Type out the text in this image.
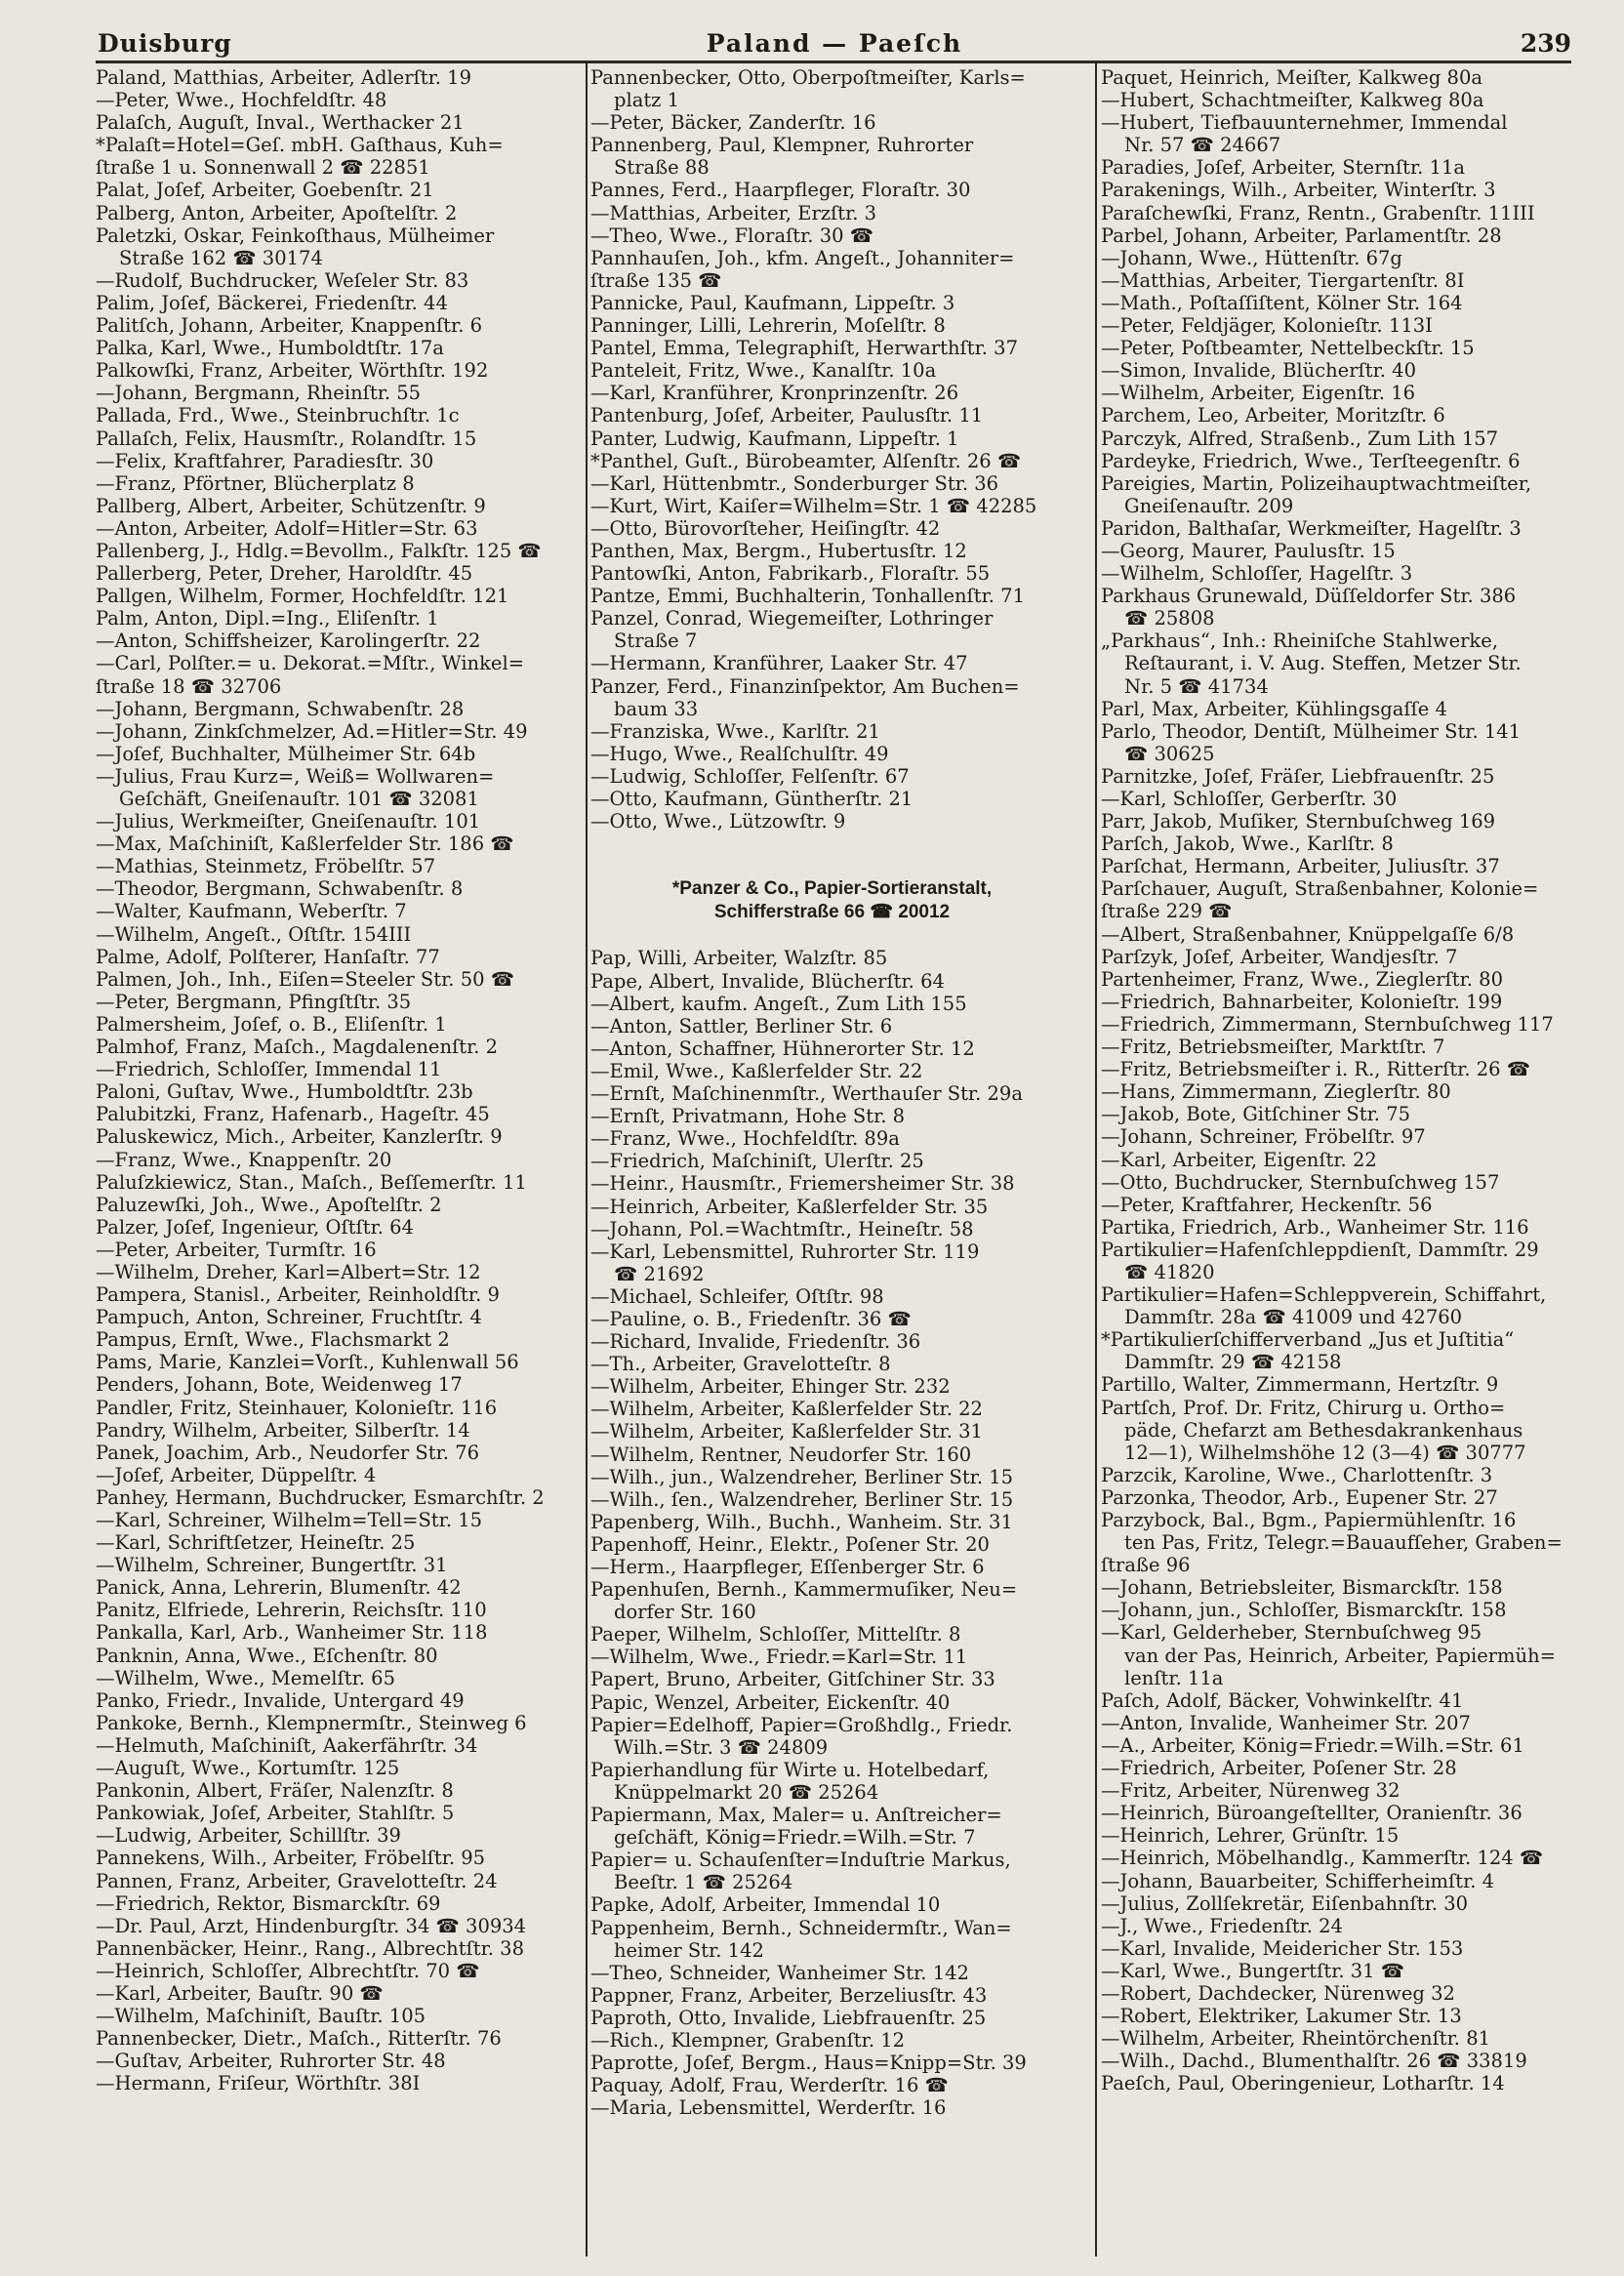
Duisburg	Paland — Paeſch	239
Paland, Matthias, Arbeiter, Adlerſtr. 19
—Peter, Wwe., Hochfeldſtr. 48
Palaſch, Auguſt, Inval., Werthacker 21
*Palaſt=Hotel=Geſ. mbH. Gaſthaus, Kuh=
ſtraße 1 u. Sonnenwall 2 ☎ 22851
Palat, Joſef, Arbeiter, Goebenſtr. 21
Palberg, Anton, Arbeiter, Apoſtelſtr. 2
Paletzki, Oskar, Feinkoſthaus, Mülheimer
Straße 162 ☎ 30174
—Rudolf, Buchdrucker, Weſeler Str. 83
Palim, Joſef, Bäckerei, Friedenſtr. 44
Palitſch, Johann, Arbeiter, Knappenſtr. 6
Palka, Karl, Wwe., Humboldtſtr. 17a
Palkowſki, Franz, Arbeiter, Wörthſtr. 192
—Johann, Bergmann, Rheinſtr. 55
Palladа, Frd., Wwe., Steinbruchſtr. 1c
Pallaſch, Felix, Hausmſtr., Rolandſtr. 15
—Felix, Kraftfahrer, Paradiesſtr. 30
—Franz, Pförtner, Blücherplatz 8
Pallberg, Albert, Arbeiter, Schützenſtr. 9
—Anton, Arbeiter, Adolf=Hitler=Str. 63
Pallenberg, J., Hdlg.=Bevollm., Falkſtr. 125 ☎
Pallerberg, Peter, Dreher, Haroldſtr. 45
Pallgen, Wilhelm, Former, Hochfeldſtr. 121
Palm, Anton, Dipl.=Ing., Eliſenſtr. 1
—Anton, Schiffsheizer, Karolingerſtr. 22
—Carl, Polſter.= u. Dekorat.=Mſtr., Winkel=
ſtraße 18 ☎ 32706
—Johann, Bergmann, Schwabenſtr. 28
—Johann, Zinkſchmelzer, Ad.=Hitler=Str. 49
—Joſef, Buchhalter, Mülheimer Str. 64b
—Julius, Frau Kurz=, Weiß= Wollwaren=
Geſchäft, Gneiſenauſtr. 101 ☎ 32081
—Julius, Werkmeiſter, Gneiſenauſtr. 101
—Max, Maſchiniſt, Kaßlerfelder Str. 186 ☎
—Mathias, Steinmetz, Fröbelſtr. 57
—Theodor, Bergmann, Schwabenſtr. 8
—Walter, Kaufmann, Weberſtr. 7
—Wilhelm, Angeſt., Oſtſtr. 154III
Palme, Adolf, Polſterer, Hanſaſtr. 77
Palmen, Joh., Inh., Eiſen=Steeler Str. 50 ☎
—Peter, Bergmann, Pfingſtſtr. 35
Palmersheim, Joſef, o. B., Eliſenſtr. 1
Palmhof, Franz, Maſch., Magdalenenſtr. 2
—Friedrich, Schloſſer, Immendal 11
Paloni, Guſtav, Wwe., Humboldtſtr. 23b
Palubitzki, Franz, Hafenarb., Hageſtr. 45
Paluskewicz, Mich., Arbeiter, Kanzlerſtr. 9
—Franz, Wwe., Knappenſtr. 20
Paluſzkiewicz, Stan., Maſch., Beſſemerſtr. 11
Paluzewſki, Joh., Wwe., Apoſtelſtr. 2
Palzer, Joſef, Ingenieur, Oſtſtr. 64
—Peter, Arbeiter, Turmſtr. 16
—Wilhelm, Dreher, Karl=Albert=Str. 12
Pampera, Stanisl., Arbeiter, Reinholdſtr. 9
Pampuch, Anton, Schreiner, Fruchtſtr. 4
Pampus, Ernſt, Wwe., Flachsmarkt 2
Pams, Marie, Kanzlei=Vorſt., Kuhlenwall 56
Penders, Johann, Bote, Weidenweg 17
Pandler, Fritz, Steinhauer, Koloniеſtr. 116
Pandry, Wilhelm, Arbeiter, Silberſtr. 14
Panek, Joachim, Arb., Neudorfer Str. 76
—Joſef, Arbeiter, Düppelſtr. 4
Panhey, Hermann, Buchdrucker, Esmarchſtr. 2
—Karl, Schreiner, Wilhelm=Tell=Str. 15
—Karl, Schriftſetzer, Heineſtr. 25
—Wilhelm, Schreiner, Bungertſtr. 31
Panick, Anna, Lehrerin, Blumenſtr. 42
Panitz, Elfriede, Lehrerin, Reichsſtr. 110
Pankalla, Karl, Arb., Wanheimer Str. 118
Panknin, Anna, Wwe., Eſchenſtr. 80
—Wilhelm, Wwe., Memelſtr. 65
Panko, Friedr., Invalide, Untergard 49
Pankoke, Bernh., Klempnermſtr., Steinweg 6
—Helmuth, Maſchiniſt, Aakerfährſtr. 34
—Auguſt, Wwe., Kortumſtr. 125
Pankonin, Albert, Fräſer, Nalenzſtr. 8
Pankowiak, Joſef, Arbeiter, Stahlſtr. 5
—Ludwig, Arbeiter, Schillſtr. 39
Pannekens, Wilh., Arbeiter, Fröbelſtr. 95
Pannen, Franz, Arbeiter, Gravelotteſtr. 24
—Friedrich, Rektor, Bismarckſtr. 69
—Dr. Paul, Arzt, Hindenburgſtr. 34 ☎ 30934
Pannenbäcker, Heinr., Rang., Albrechtſtr. 38
—Heinrich, Schloſſer, Albrechtſtr. 70 ☎
—Karl, Arbeiter, Bauſtr. 90 ☎
—Wilhelm, Maſchiniſt, Bauſtr. 105
Pannenbecker, Dietr., Maſch., Ritterſtr. 76
—Guſtav, Arbeiter, Ruhrorter Str. 48
—Hermann, Friſeur, Wörthſtr. 38I
Pannenbecker, Otto, Oberpoſtmeiſter, Karls=
platz 1
—Peter, Bäcker, Zanderſtr. 16
Pannenberg, Paul, Klempner, Ruhrorter
Straße 88
Pannes, Ferd., Haarpfleger, Floraſtr. 30
—Matthias, Arbeiter, Erzſtr. 3
—Theo, Wwe., Floraſtr. 30 ☎
Pannhauſen, Joh., kfm. Angeſt., Johanniter=
ſtraße 135 ☎
Pannicke, Paul, Kaufmann, Lippeſtr. 3
Panninger, Lilli, Lehrerin, Moſelſtr. 8
Pantel, Emma, Telegraphiſt, Herwarthſtr. 37
Panteleit, Fritz, Wwe., Kanalſtr. 10a
—Karl, Kranführer, Kronprinzenſtr. 26
Pantenburg, Joſef, Arbeiter, Paulusſtr. 11
Panter, Ludwig, Kaufmann, Lippeſtr. 1
*Panthel, Guſt., Bürobeamter, Alſenſtr. 26 ☎
—Karl, Hüttenbmtr., Sonderburger Str. 36
—Kurt, Wirt, Kaiſer=Wilhelm=Str. 1 ☎ 42285
—Otto, Bürovorſteher, Heiſingſtr. 42
Panthen, Max, Bergm., Hubertusſtr. 12
Pantowſki, Anton, Fabrikarb., Floraſtr. 55
Pantze, Emmi, Buchhalterin, Tonhallenſtr. 71
Panzel, Conrad, Wiegemeiſter, Lothringer
Straße 7
—Hermann, Kranführer, Laaker Str. 47
Panzer, Ferd., Finanzinſpektor, Am Buchen=
baum 33
—Franziska, Wwe., Karlſtr. 21
—Hugo, Wwe., Realſchulſtr. 49
—Ludwig, Schloſſer, Felſenſtr. 67
—Otto, Kaufmann, Güntherſtr. 21
—Otto, Wwe., Lützowſtr. 9
*Panzer & Co., Papier-Sortieranstalt,
Schifferstraße 66 ☎ 20012
Pap, Willi, Arbeiter, Walzſtr. 85
Pape, Albert, Invalide, Blücherſtr. 64
—Albert, kaufm. Angeſt., Zum Lith 155
—Anton, Sattler, Berliner Str. 6
—Anton, Schaffner, Hühnerorter Str. 12
—Emil, Wwe., Kaßlerfelder Str. 22
—Ernſt, Maſchinenmſtr., Werthauſer Str. 29a
—Ernſt, Privatmann, Hohe Str. 8
—Franz, Wwe., Hochfeldſtr. 89a
—Friedrich, Maſchiniſt, Ulerſtr. 25
—Heinr., Hausmſtr., Friemersheimer Str. 38
—Heinrich, Arbeiter, Kaßlerfelder Str. 35
—Johann, Pol.=Wachtmſtr., Heineſtr. 58
—Karl, Lebensmittel, Ruhrorter Str. 119
☎ 21692
—Michael, Schleifer, Oſtſtr. 98
—Pauline, o. B., Friedenſtr. 36 ☎
—Richard, Invalide, Friedenſtr. 36
—Th., Arbeiter, Gravelotteſtr. 8
—Wilhelm, Arbeiter, Ehinger Str. 232
—Wilhelm, Arbeiter, Kaßlerfelder Str. 22
—Wilhelm, Arbeiter, Kaßlerfelder Str. 31
—Wilhelm, Rentner, Neudorfer Str. 160
—Wilh., jun., Walzendreher, Berliner Str. 15
—Wilh., ſen., Walzendreher, Berliner Str. 15
Papenberg, Wilh., Buchh., Wanheim. Str. 31
Papenhoff, Heinr., Elektr., Poſener Str. 20
—Herm., Haarpfleger, Eſſenberger Str. 6
Papenhuſen, Bernh., Kammermuſiker, Neu=
dorfer Str. 160
Paeper, Wilhelm, Schloſſer, Mittelſtr. 8
—Wilhelm, Wwe., Friedr.=Karl=Str. 11
Papert, Bruno, Arbeiter, Gitſchiner Str. 33
Papic, Wenzel, Arbeiter, Eickenſtr. 40
Papier=Edelhoff, Papier=Großhdlg., Friedr.
Wilh.=Str. 3 ☎ 24809
Papierhandlung für Wirte u. Hotelbedarf,
Knüppelmarkt 20 ☎ 25264
Papiermann, Max, Maler= u. Anſtreicher=
geſchäft, König=Friedr.=Wilh.=Str. 7
Papier= u. Schauſenſter=Induſtrie Markus,
Beeſtr. 1 ☎ 25264
Papke, Adolf, Arbeiter, Immendal 10
Pappenheim, Bernh., Schneidermſtr., Wan=
heimer Str. 142
—Theo, Schneider, Wanheimer Str. 142
Pappner, Franz, Arbeiter, Berzeliusſtr. 43
Paproth, Otto, Invalide, Liebfrauenſtr. 25
—Rich., Klempner, Grabenſtr. 12
Paprotte, Joſef, Bergm., Haus=Knipp=Str. 39
Paquay, Adolf, Frau, Werderſtr. 16 ☎
—Maria, Lebensmittel, Werderſtr. 16
Paquet, Heinrich, Meiſter, Kalkweg 80a
—Hubert, Schachtmeiſter, Kalkweg 80a
—Hubert, Tiefbauunternehmer, Immendal
Nr. 57 ☎ 24667
Paradies, Joſef, Arbeiter, Sternſtr. 11a
Parakenings, Wilh., Arbeiter, Winterſtr. 3
Paraſchewſki, Franz, Rentn., Grabenſtr. 11III
Parbel, Johann, Arbeiter, Parlamentſtr. 28
—Johann, Wwe., Hüttenſtr. 67g
—Matthias, Arbeiter, Tiergartenſtr. 8I
—Math., Poſtaſſiſtent, Kölner Str. 164
—Peter, Feldjäger, Koloniеſtr. 113I
—Peter, Poſtbeamter, Nettelbeckſtr. 15
—Simon, Invalide, Blücherſtr. 40
—Wilhelm, Arbeiter, Eigenſtr. 16
Parchem, Leo, Arbeiter, Moritzſtr. 6
Parczyk, Alfred, Straßenb., Zum Lith 157
Pardeyke, Friedrich, Wwe., Terſteegenſtr. 6
Pareigies, Martin, Polizeihauptwachtmeiſter,
Gneiſenauſtr. 209
Paridon, Balthaſar, Werkmeiſter, Hagelſtr. 3
—Georg, Maurer, Paulusſtr. 15
—Wilhelm, Schloſſer, Hagelſtr. 3
Parkhaus Grunewald, Düſſeldorfer Str. 386
☎ 25808
„Parkhaus“, Inh.: Rheiniſche Stahlwerke,
Reſtaurant, i. V. Aug. Steffen, Metzer Str.
Nr. 5 ☎ 41734
Parl, Max, Arbeiter, Kühlingsgaſſe 4
Parlo, Theodor, Dentiſt, Mülheimer Str. 141
☎ 30625
Parnitzke, Joſef, Fräſer, Liebfrauenſtr. 25
—Karl, Schloſſer, Gerberſtr. 30
Parr, Jakob, Muſiker, Sternbuſchweg 169
Parſch, Jakob, Wwe., Karlſtr. 8
Parſchat, Hermann, Arbeiter, Juliusſtr. 37
Parſchauer, Auguſt, Straßenbahner, Koloniе=
ſtraße 229 ☎
—Albert, Straßenbahner, Knüppelgaſſe 6/8
Parſzyk, Joſef, Arbeiter, Wandjesſtr. 7
Partenheimer, Franz, Wwe., Zieglerſtr. 80
—Friedrich, Bahnarbeiter, Koloniеſtr. 199
—Friedrich, Zimmermann, Sternbuſchweg 117
—Fritz, Betriebsmeiſter, Marktſtr. 7
—Fritz, Betriebsmeiſter i. R., Ritterſtr. 26 ☎
—Hans, Zimmermann, Zieglerſtr. 80
—Jakob, Bote, Gitſchiner Str. 75
—Johann, Schreiner, Fröbelſtr. 97
—Karl, Arbeiter, Eigenſtr. 22
—Otto, Buchdrucker, Sternbuſchweg 157
—Peter, Kraftfahrer, Heckenſtr. 56
Partika, Friedrich, Arb., Wanheimer Str. 116
Partikulier=Hafenſchleppdienſt, Dammſtr. 29
☎ 41820
Partikulier=Hafen=Schleppverein, Schiffahrt,
Dammſtr. 28a ☎ 41009 und 42760
*Partikulierſchifferverband „Jus et Juſtitia“
Dammſtr. 29 ☎ 42158
Partillo, Walter, Zimmermann, Hertzſtr. 9
Partſch, Prof. Dr. Fritz, Chirurg u. Ortho=
päde, Chefarzt am Bethesdakrankenhaus
12—1), Wilhelmshöhe 12 (3—4) ☎ 30777
Parzcik, Karoline, Wwe., Charlottenſtr. 3
Parzonka, Theodor, Arb., Eupener Str. 27
Parzybock, Bal., Bgm., Papiermühlenſtr. 16
ten Pas, Fritz, Telegr.=Bauaufſeher, Graben=
ſtraße 96
—Johann, Betriebsleiter, Bismarckſtr. 158
—Johann, jun., Schloſſer, Bismarckſtr. 158
—Karl, Gelderheber, Sternbuſchweg 95
van der Pas, Heinrich, Arbeiter, Papiermüh=
lenſtr. 11a
Paſch, Adolf, Bäcker, Vohwinkelſtr. 41
—Anton, Invalide, Wanheimer Str. 207
—A., Arbeiter, König=Friedr.=Wilh.=Str. 61
—Friedrich, Arbeiter, Poſener Str. 28
—Fritz, Arbeiter, Nürenweg 32
—Heinrich, Büroangeſtellter, Oranienſtr. 36
—Heinrich, Lehrer, Grünſtr. 15
—Heinrich, Möbelhandlg., Kammerſtr. 124 ☎
—Johann, Bauarbeiter, Schifferheimſtr. 4
—Julius, Zollſekretär, Eiſenbahnſtr. 30
—J., Wwe., Friedenſtr. 24
—Karl, Invalide, Meidericher Str. 153
—Karl, Wwe., Bungertſtr. 31 ☎
—Robert, Dachdecker, Nürenweg 32
—Robert, Elektriker, Lakumer Str. 13
—Wilhelm, Arbeiter, Rheintörchenſtr. 81
—Wilh., Dachd., Blumenthalſtr. 26 ☎ 33819
Paeſch, Paul, Oberingenieur, Lotharſtr. 14
